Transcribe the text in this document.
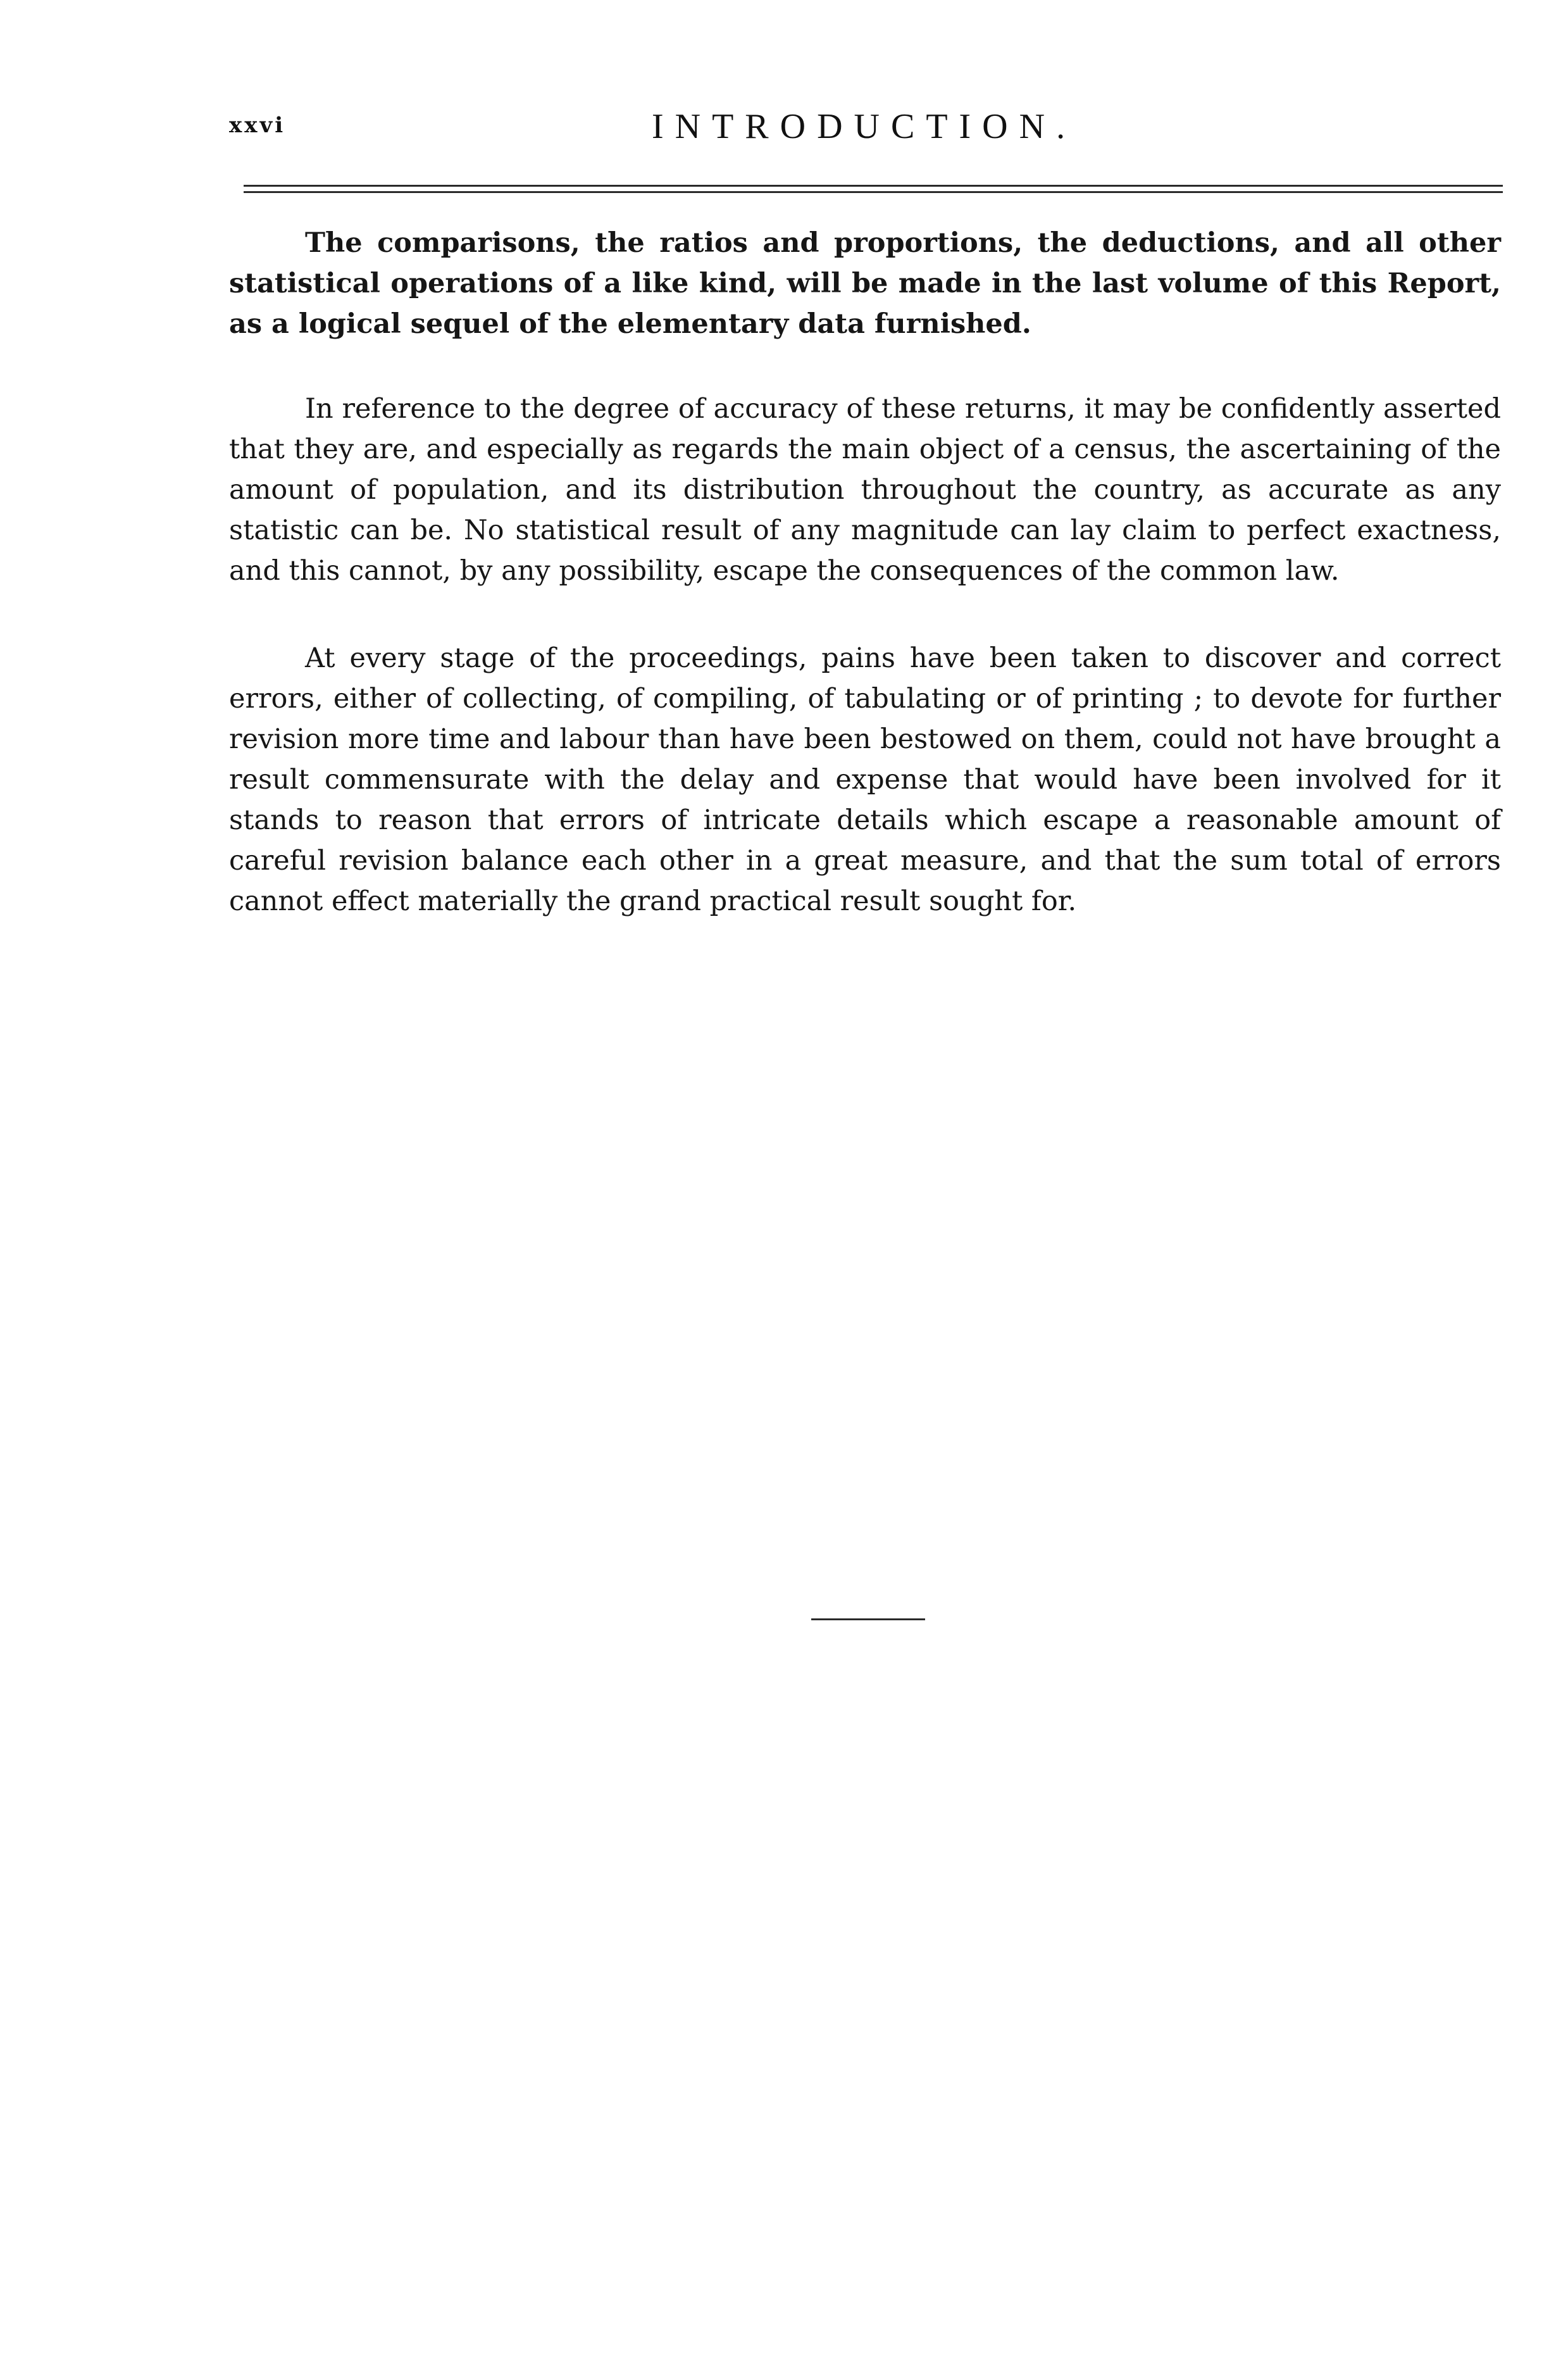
xxvi	INTRODUCTION.

The comparisons, the ratios and proportions, the deductions, and all other statistical operations of a like kind, will be made in the last volume of this Report, as a logical sequel of the elementary data furnished.

In reference to the degree of accuracy of these returns, it may be confidently asserted that they are, and especially as regards the main object of a census, the ascertaining of the amount of population, and its distribution throughout the country, as accurate as any statistic can be. No statistical result of any magnitude can lay claim to perfect exactness, and this cannot, by any possibility, escape the consequences of the common law.

At every stage of the proceedings, pains have been taken to discover and correct errors, either of collecting, of compiling, of tabulating or of printing ; to devote for further revision more time and labour than have been bestowed on them, could not have brought a result commensurate with the delay and expense that would have been involved for it stands to reason that errors of intricate details which escape a reasonable amount of careful revision balance each other in a great measure, and that the sum total of errors cannot effect materially the grand practical result sought for.
